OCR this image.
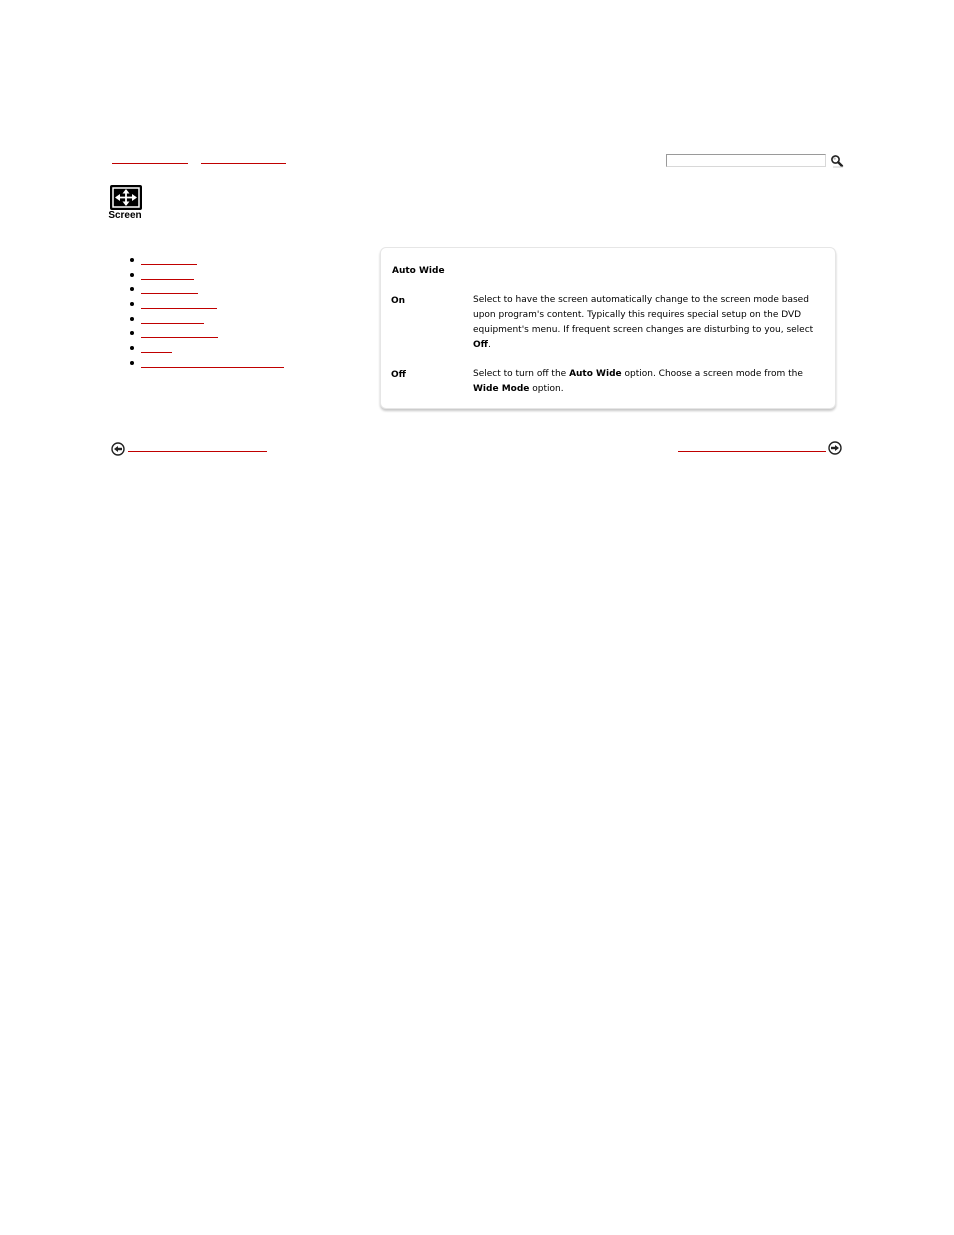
Screen
Auto Wide
On	Select to have the screen automatically change to the screen mode based upon program's content. Typically this requires special setup on the DVD equipment's menu. If frequent screen changes are disturbing to you, select Off.
Off	Select to turn off the Auto Wide option. Choose a screen mode from the Wide Mode option.
